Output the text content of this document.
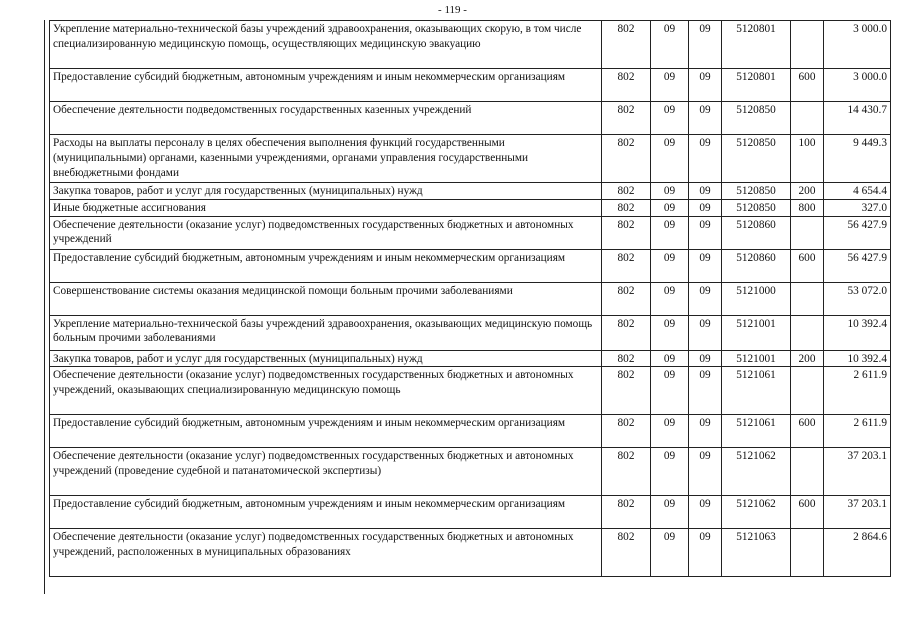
- 119 -
Укрепление материально-технической базы учреждений здравоохранения, оказывающих скорую, в том числе специализированную медицинскую помощь, осуществляющих медицинскую эвакуацию	802	09	09	5120801		3 000.0
Предоставление субсидий бюджетным, автономным учреждениям и иным некоммерческим организациям	802	09	09	5120801	600	3 000.0
Обеспечение деятельности подведомственных государственных казенных учреждений	802	09	09	5120850		14 430.7
Расходы на выплаты персоналу в целях обеспечения выполнения функций государственными (муниципальными) органами, казенными учреждениями, органами управления государственными внебюджетными фондами	802	09	09	5120850	100	9 449.3
Закупка товаров, работ и услуг для государственных (муниципальных) нужд	802	09	09	5120850	200	4 654.4
Иные бюджетные ассигнования	802	09	09	5120850	800	327.0
Обеспечение деятельности (оказание услуг) подведомственных государственных бюджетных и автономных учреждений	802	09	09	5120860		56 427.9
Предоставление субсидий бюджетным, автономным учреждениям и иным некоммерческим организациям	802	09	09	5120860	600	56 427.9
Совершенствование системы оказания медицинской помощи больным прочими заболеваниями	802	09	09	5121000		53 072.0
Укрепление материально-технической базы учреждений здравоохранения, оказывающих медицинскую помощь больным прочими заболеваниями	802	09	09	5121001		10 392.4
Закупка товаров, работ и услуг для государственных (муниципальных) нужд	802	09	09	5121001	200	10 392.4
Обеспечение деятельности (оказание услуг) подведомственных государственных бюджетных и автономных учреждений, оказывающих специализированную медицинскую помощь	802	09	09	5121061		2 611.9
Предоставление субсидий бюджетным, автономным учреждениям и иным некоммерческим организациям	802	09	09	5121061	600	2 611.9
Обеспечение деятельности (оказание услуг) подведомственных государственных бюджетных и автономных учреждений (проведение судебной и патанатомической экспертизы)	802	09	09	5121062		37 203.1
Предоставление субсидий бюджетным, автономным учреждениям и иным некоммерческим организациям	802	09	09	5121062	600	37 203.1
Обеспечение деятельности (оказание услуг) подведомственных государственных бюджетных и автономных учреждений, расположенных в муниципальных образованиях	802	09	09	5121063		2 864.6
